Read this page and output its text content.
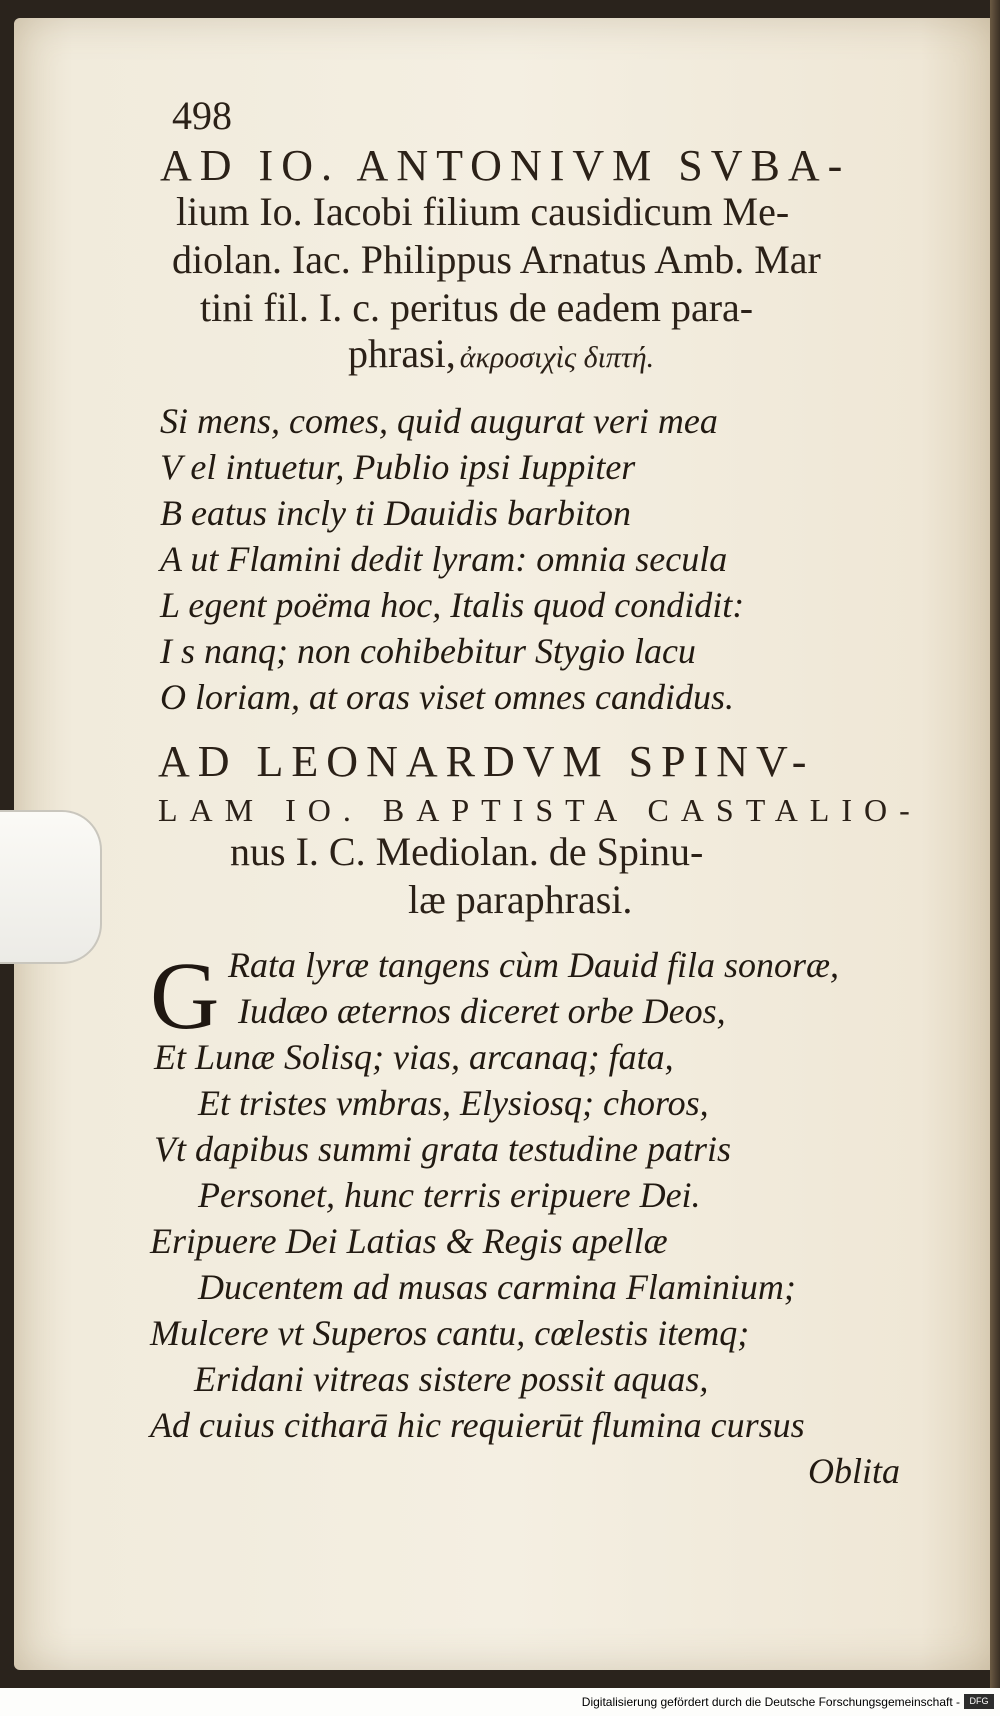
498
AD IO. ANTONIVM SVBA-
lium Io. Iacobi filium causidicum Me-
diolan. Iac. Philippus Arnatus Amb. Mar
tini fil. I. c. peritus de eadem para-
phrasi, ἀκροσιχὶς διπτή.
Si mens, comes, quid augurat veri mea
V el intuetur, Publio ipsi Iuppiter
B eatus incly ti Dauidis barbiton
A ut Flamini dedit lyram: omnia secula
L egent poëma hoc, Italis quod condidit:
I s nanq; non cohibebitur Stygio lacu
O loriam, at oras viset omnes candidus.
AD LEONARDVM SPINV-
LAM IO. BAPTISTA CASTALIO-
nus I. C. Mediolan. de Spinu-
læ paraphrasi.
G Rata lyræ tangens cùm Dauid fila sonoræ,
Iudæo æternos diceret orbe Deos,
Et Lunæ Solisq; vias, arcanaq; fata,
Et tristes vmbras, Elysiosq; choros,
Vt dapibus summi grata testudine patris
Personet, hunc terris eripuere Dei.
Eripuere Dei Latias & Regis apellæ
Ducentem ad musas carmina Flaminium;
Mulcere vt Superos cantu, cœlestis itemq;
Eridani vitreas sistere possit aquas,
Ad cuius citharā hic requierūt flumina cursus
Oblita
Digitalisierung gefördert durch die Deutsche Forschungsgemeinschaft -	DFG
